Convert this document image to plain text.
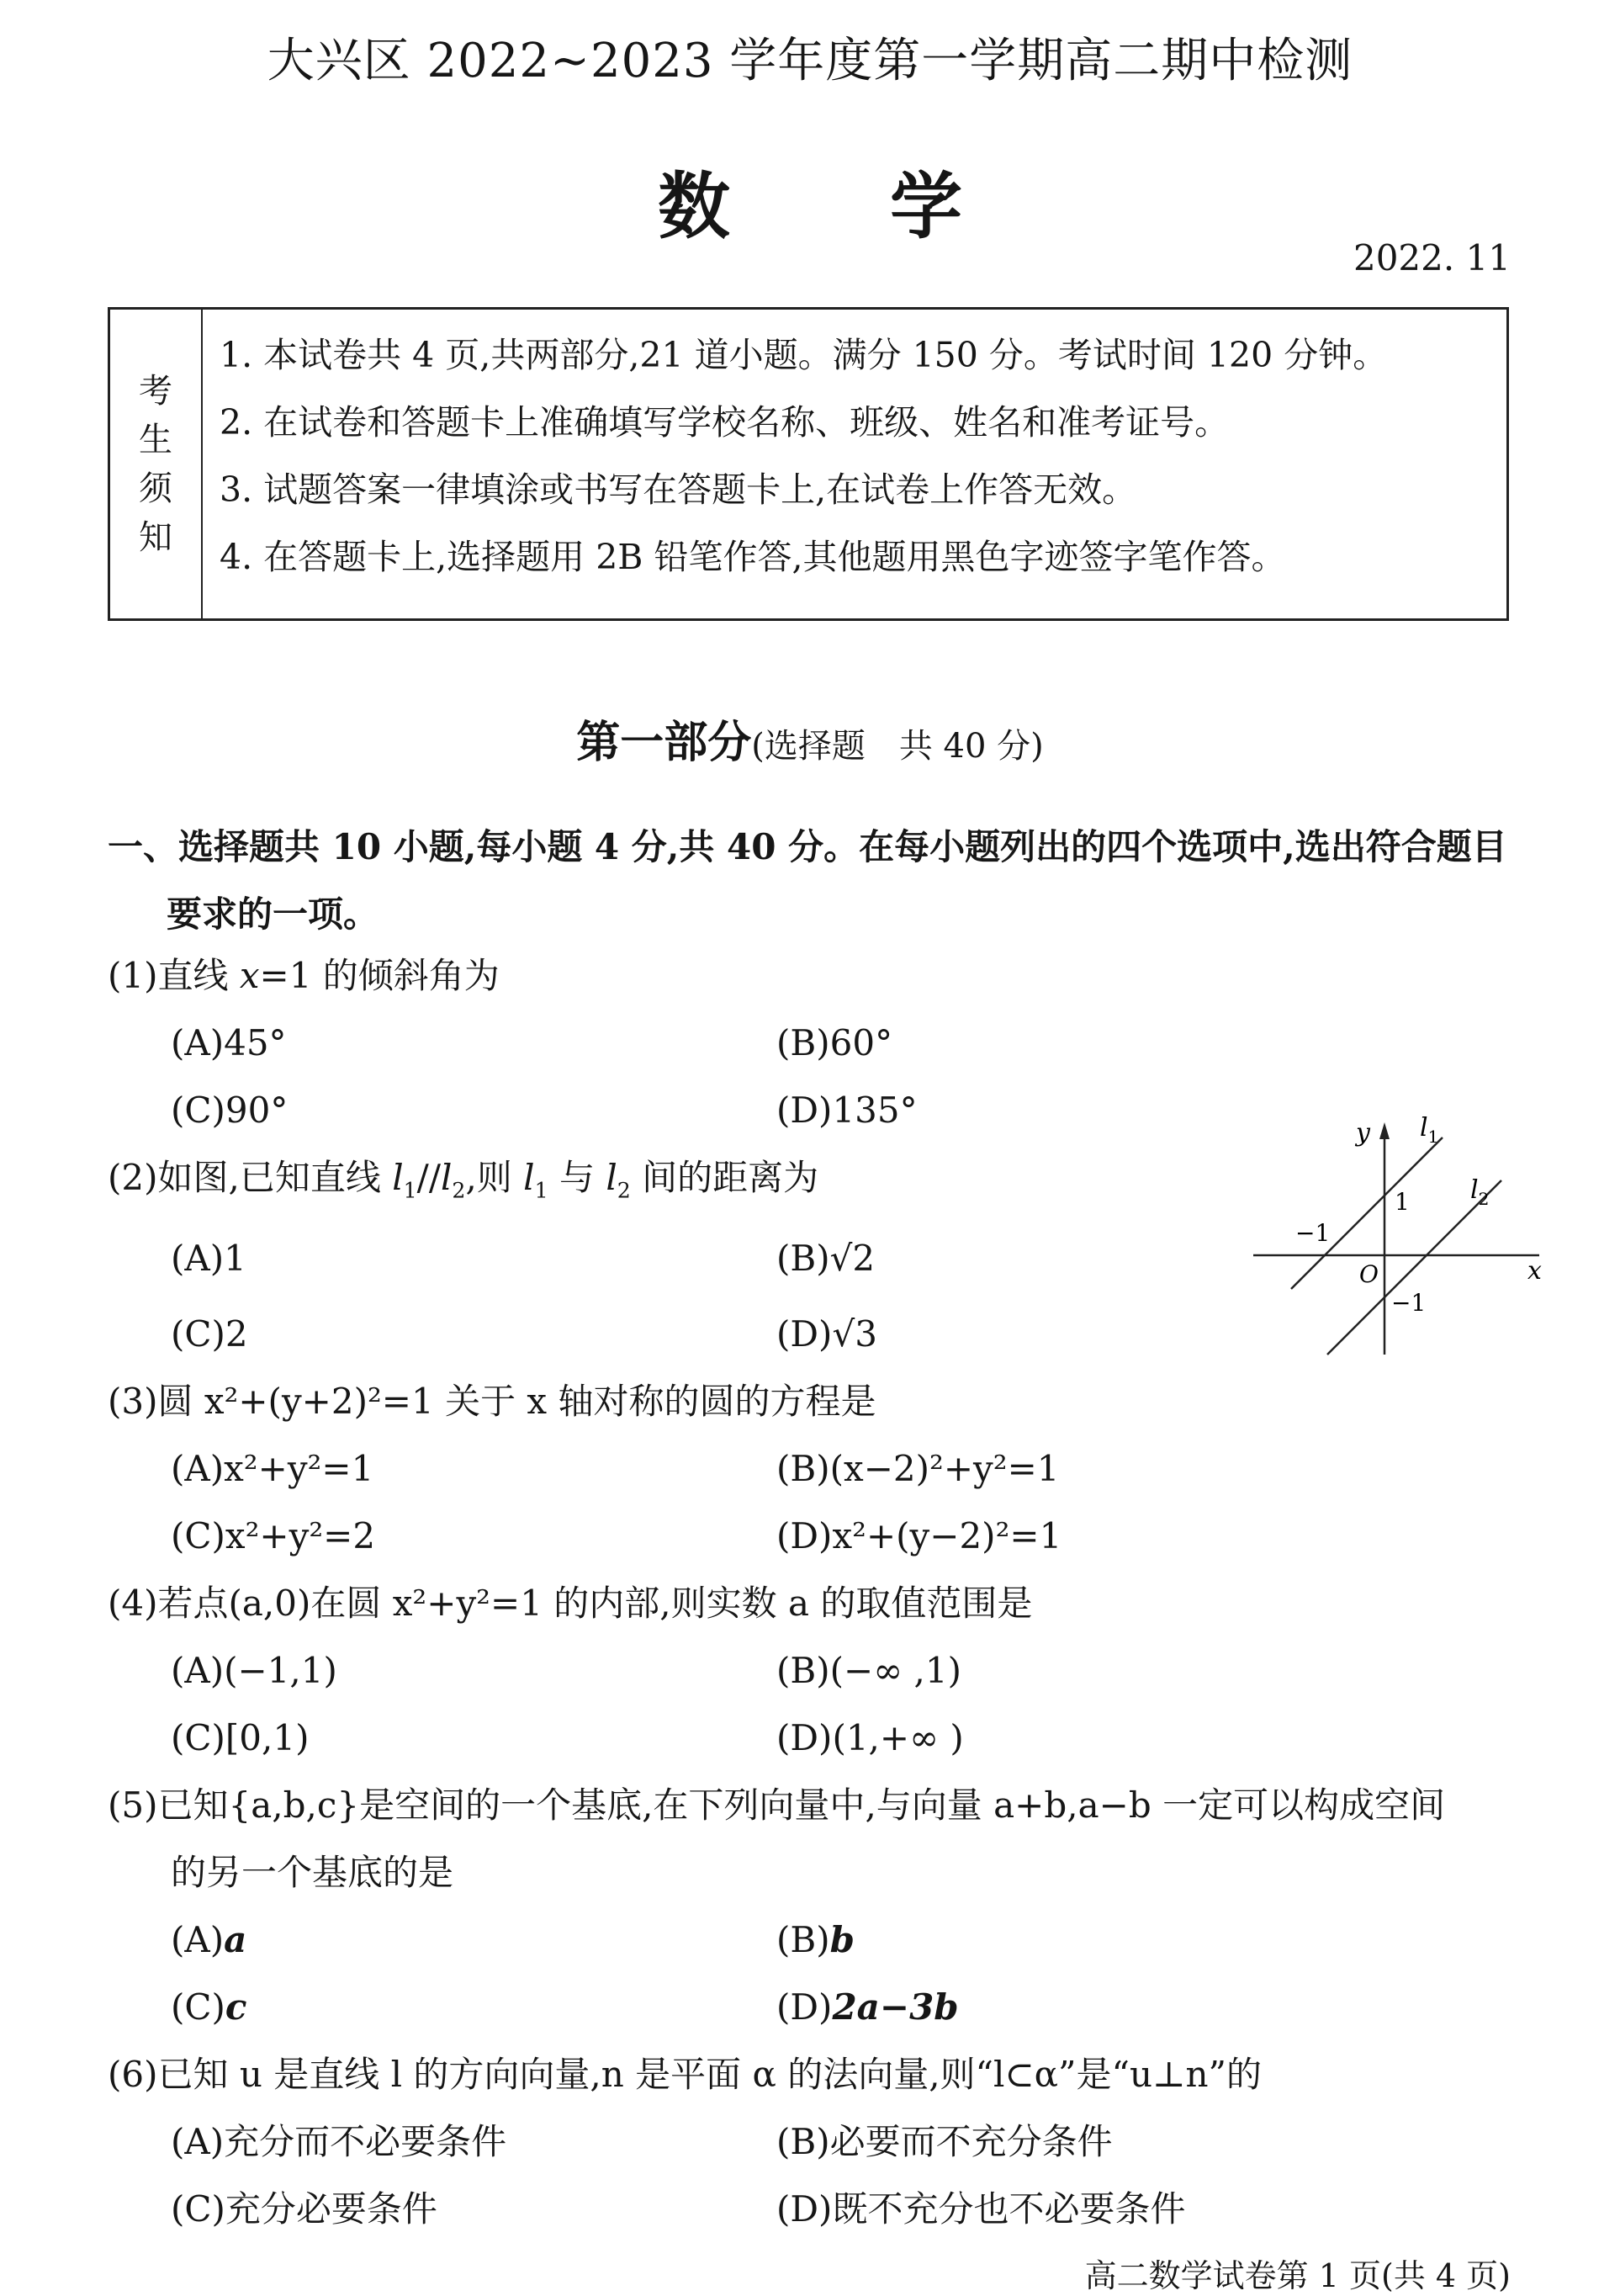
大兴区 2022~2023 学年度第一学期高二期中检测
数 学
2022. 11
考
生
须
知
1. 本试卷共 4 页,共两部分,21 道小题。满分 150 分。考试时间 120 分钟。
2. 在试卷和答题卡上准确填写学校名称、班级、姓名和准考证号。
3. 试题答案一律填涂或书写在答题卡上,在试卷上作答无效。
4. 在答题卡上,选择题用 2B 铅笔作答,其他题用黑色字迹签字笔作答。
第一部分(选择题　共 40 分)
一、选择题共 10 小题,每小题 4 分,共 40 分。在每小题列出的四个选项中,选出符合题目
要求的一项。
(1)直线 x=1 的倾斜角为
(A)45°	(B)60°
(C)90°	(D)135°
(2)如图,已知直线 $l_1//l_2$,则 $l_1$ 与 $l_2$ 间的距离为
(A)1	(B)√2
(C)2	(D)√3
y $l_1$
$l_2$
−1
1
O	x
−1
(3)圆 x²+(y+2)²=1 关于 x 轴对称的圆的方程是
(A)x²+y²=1	(B)(x−2)²+y²=1
(C)x²+y²=2	(D)x²+(y−2)²=1
(4)若点(a,0)在圆 x²+y²=1 的内部,则实数 a 的取值范围是
(A)(−1,1)	(B)(−∞ ,1)
(C)[0,1)	(D)(1,+∞ )
(5)已知{a,b,c}是空间的一个基底,在下列向量中,与向量 a+b,a−b 一定可以构成空间
的另一个基底的是
(A)a	(B)b
(C)c	(D)2a−3b
(6)已知 u 是直线 l 的方向向量,n 是平面 α 的法向量,则“l⊂α”是“u⊥n”的
(A)充分而不必要条件	(B)必要而不充分条件
(C)充分必要条件	(D)既不充分也不必要条件
高二数学试卷第 1 页(共 4 页)
